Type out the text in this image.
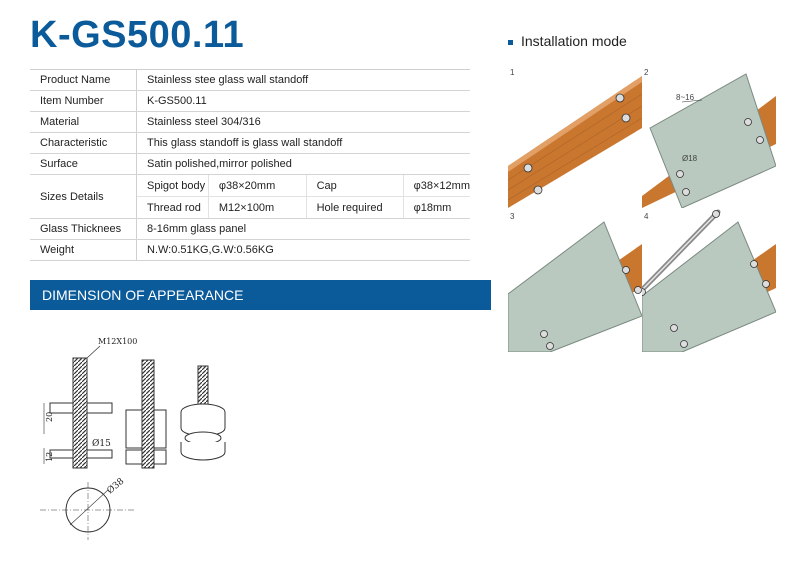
K-GS500.11
Product Name	Stainless stee glass wall standoff
Item Number	K-GS500.11
Material	Stainless steel 304/316
Characteristic	This glass standoff is glass wall standoff
Surface	Satin polished,mirror polished
Sizes Details	
Spigot body	φ38×20mm	Cap	φ38×12mm
Thread rod	M12×100m	Hole required	φ18mm

Glass Thicknees	8-16mm glass panel
Weight	N.W:0.51KG,G.W:0.56KG
DIMENSION OF APPEARANCE
M12X100
20
12
Ø15
Ø38
Installation mode
1	2
8~16
Ø18
3	4
